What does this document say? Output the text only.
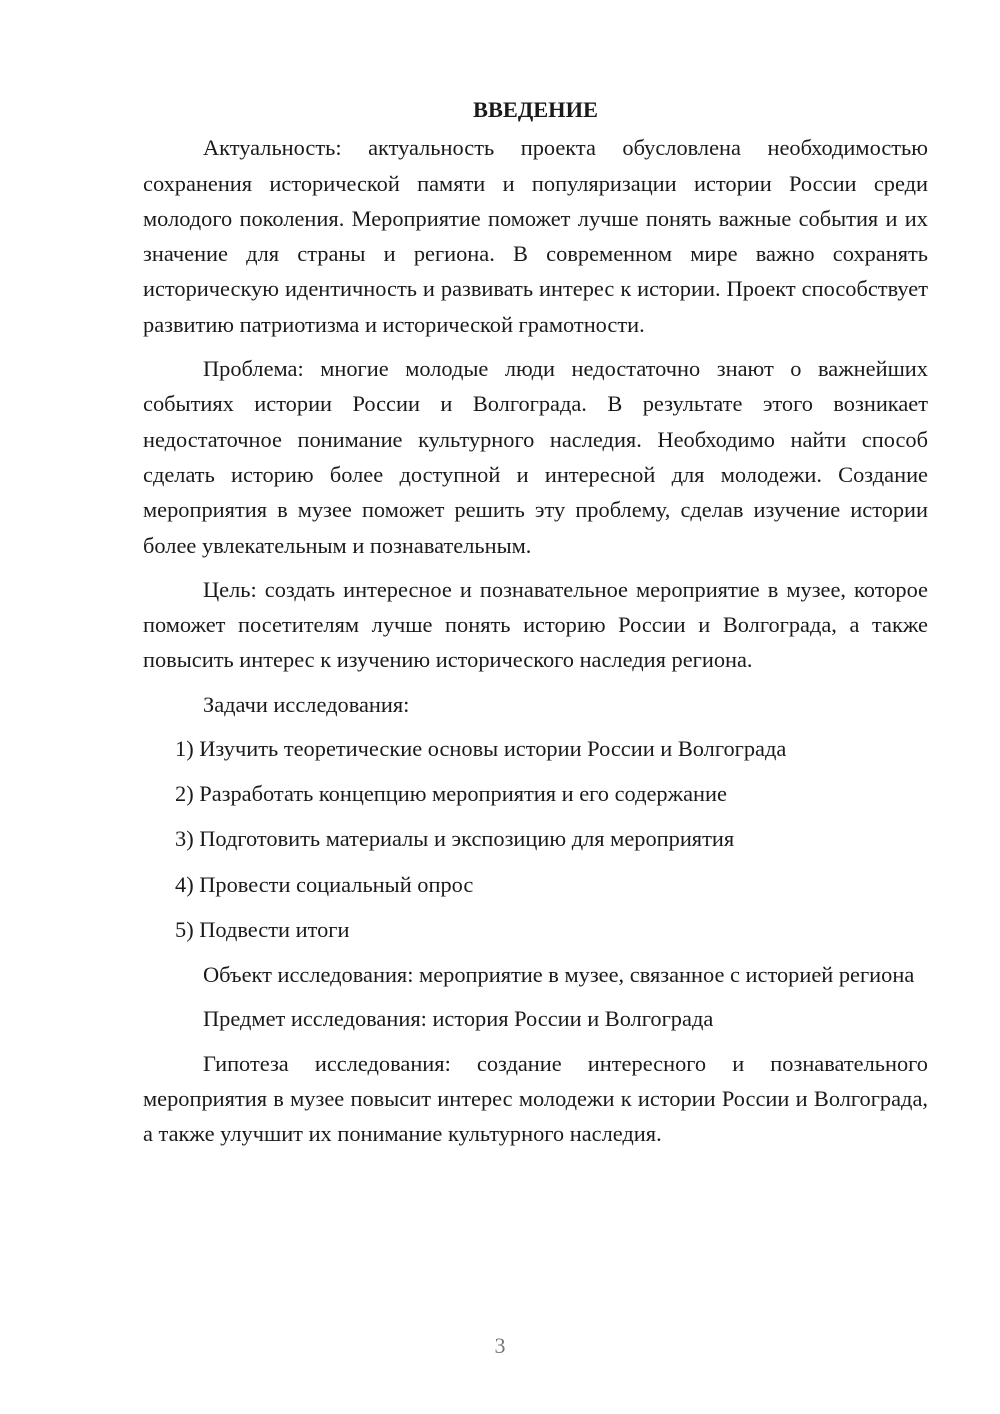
ВВЕДЕНИЕ

Актуальность: актуальность проекта обусловлена необходимостью сохранения исторической памяти и популяризации истории России среди молодого поколения. Мероприятие поможет лучше понять важные события и их значение для страны и региона. В современном мире важно сохранять историческую идентичность и развивать интерес к истории. Проект способствует развитию патриотизма и исторической грамотности.

Проблема: многие молодые люди недостаточно знают о важнейших событиях истории России и Волгограда. В результате этого возникает недостаточное понимание культурного наследия. Необходимо найти способ сделать историю более доступной и интересной для молодежи. Создание мероприятия в музее поможет решить эту проблему, сделав изучение истории более увлекательным и познавательным.

Цель: создать интересное и познавательное мероприятие в музее, которое поможет посетителям лучше понять историю России и Волгограда, а также повысить интерес к изучению исторического наследия региона.

Задачи исследования:

1) Изучить теоретические основы истории России и Волгограда
2) Разработать концепцию мероприятия и его содержание
3) Подготовить материалы и экспозицию для мероприятия
4) Провести социальный опрос
5) Подвести итоги

Объект исследования: мероприятие в музее, связанное с историей региона

Предмет исследования: история России и Волгограда

Гипотеза исследования: создание интересного и познавательного мероприятия в музее повысит интерес молодежи к истории России и Волгограда, а также улучшит их понимание культурного наследия.

3
